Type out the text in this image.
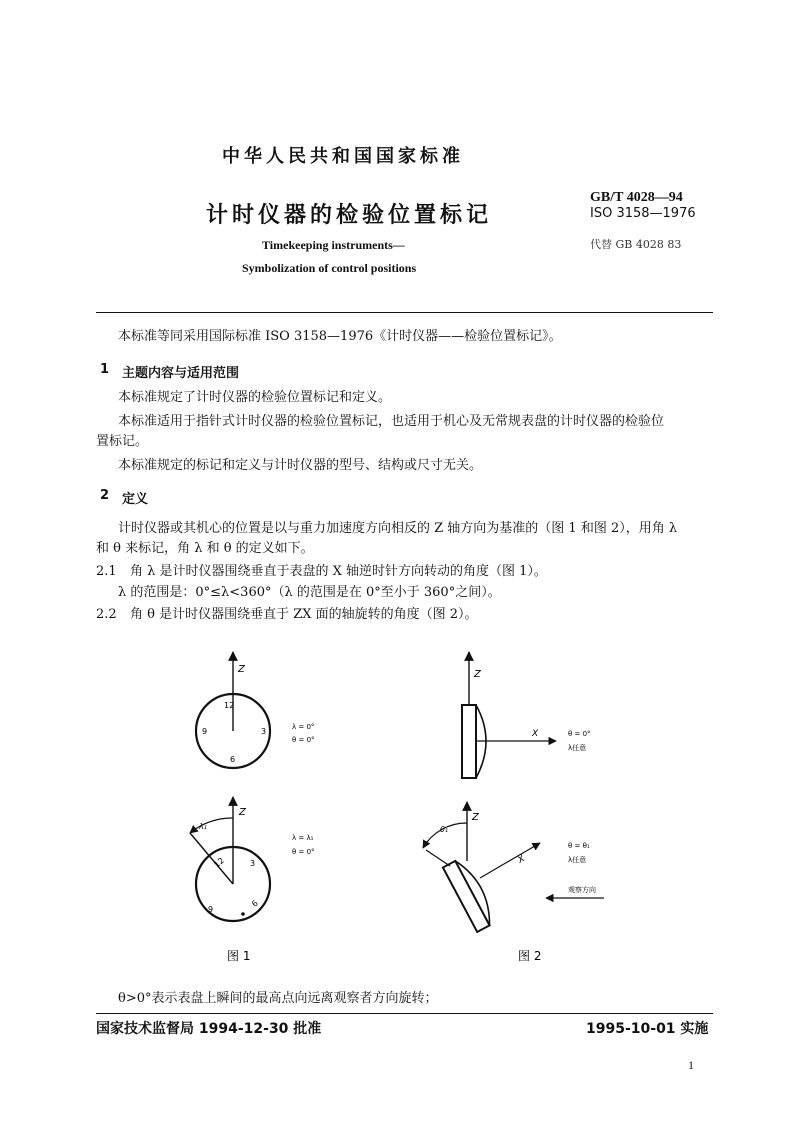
中华人民共和国国家标准
计时仪器的检验位置标记
GB/T 4028—94
ISO 3158—1976
代替 GB 4028 83
Timekeeping instruments—
Symbolization of control positions
本标准等同采用国际标准 ISO 3158—1976《计时仪器——检验位置标记》。
1 主题内容与适用范围
本标准规定了计时仪器的检验位置标记和定义。
本标准适用于指针式计时仪器的检验位置标记，也适用于机心及无常规表盘的计时仪器的检验位
置标记。
本标准规定的标记和定义与计时仪器的型号、结构或尺寸无关。
2 定义
计时仪器或其机心的位置是以与重力加速度方向相反的 Z 轴方向为基准的（图 1 和图 2），用角 λ
和 θ 来标记，角 λ 和 θ 的定义如下。
2.1 角 λ 是计时仪器围绕垂直于表盘的 X 轴逆时针方向转动的角度（图 1）。
λ 的范围是：0°≤λ<360°（λ 的范围是在 0°至小于 360°之间）。
2.2 角 θ 是计时仪器围绕垂直于 ZX 面的轴旋转的角度（图 2）。
Z
12
3
6
9	λ = 0°
θ = 0°
Z
λ₁
12	3
6
9
λ = λ₁
θ = 0°
Z
X	θ = 0°
λ任意
Z
θ₁
X
θ = θ₁
λ任意
观察方向
图 1	图 2
θ>0°表示表盘上瞬间的最高点向远离观察者方向旋转；
国家技术监督局 1994-12-30 批准	1995-10-01 实施
1
